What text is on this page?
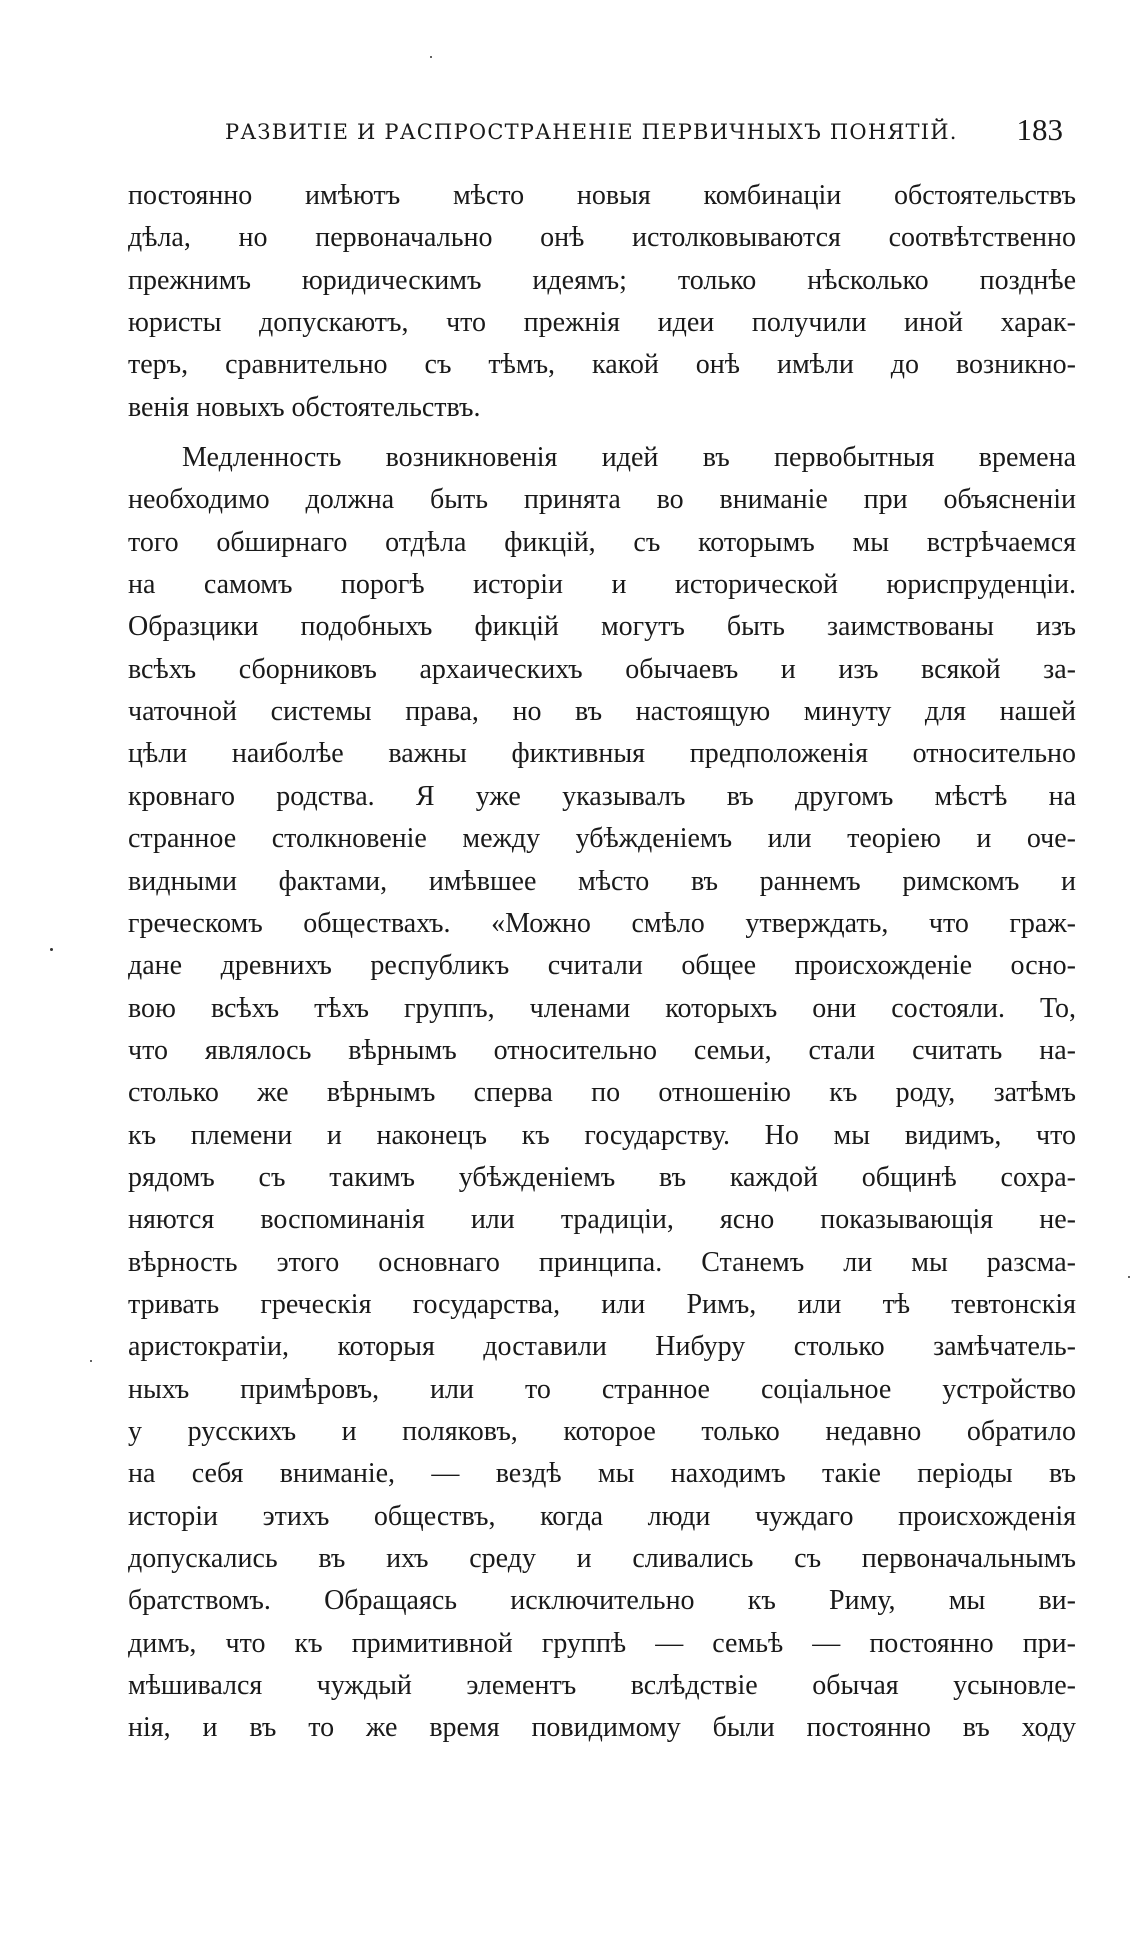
РАЗВИТІЕ И РАСПРОСТРАНЕНІЕ ПЕРВИЧНЫХЪ ПОНЯТІЙ. 183
постоянно имѣютъ мѣсто новыя комбинаціи обстоятельствъ
дѣла, но первоначально онѣ истолковываются соотвѣтственно
прежнимъ юридическимъ идеямъ; только нѣсколько позднѣе
юристы допускаютъ, что прежнія идеи получили иной харак-
теръ, сравнительно съ тѣмъ, какой онѣ имѣли до возникно-
венія новыхъ обстоятельствъ.
Медленность возникновенія идей въ первобытныя времена
необходимо должна быть принята во вниманіе при объясненіи
того обширнаго отдѣла фикцій, съ которымъ мы встрѣчаемся
на самомъ порогѣ исторіи и исторической юриспруденціи.
Образцики подобныхъ фикцій могутъ быть заимствованы изъ
всѣхъ сборниковъ архаическихъ обычаевъ и изъ всякой за-
чаточной системы права, но въ настоящую минуту для нашей
цѣли наиболѣе важны фиктивныя предположенія относительно
кровнаго родства. Я уже указывалъ въ другомъ мѣстѣ на
странное столкновеніе между убѣжденіемъ или теоріею и оче-
видными фактами, имѣвшее мѣсто въ раннемъ римскомъ и
греческомъ обществахъ. «Можно смѣло утверждать, что граж-
дане древнихъ республикъ считали общее происхожденіе осно-
вою всѣхъ тѣхъ группъ, членами которыхъ они состояли. То,
что являлось вѣрнымъ относительно семьи, стали считать на-
столько же вѣрнымъ сперва по отношенію къ роду, затѣмъ
къ племени и наконецъ къ государству. Но мы видимъ, что
рядомъ съ такимъ убѣжденіемъ въ каждой общинѣ сохра-
няются воспоминанія или традиціи, ясно показывающія не-
вѣрность этого основнаго принципа. Станемъ ли мы разсма-
тривать греческія государства, или Римъ, или тѣ тевтонскія
аристократіи, которыя доставили Нибуру столько замѣчатель-
ныхъ примѣровъ, или то странное соціальное устройство
у русскихъ и поляковъ, которое только недавно обратило
на себя вниманіе, — вездѣ мы находимъ такіе періоды въ
исторіи этихъ обществъ, когда люди чуждаго происхожденія
допускались въ ихъ среду и сливались съ первоначальнымъ
братствомъ. Обращаясь исключительно къ Риму, мы ви-
димъ, что къ примитивной группѣ — семьѣ — постоянно при-
мѣшивался чуждый элементъ вслѣдствіе обычая усыновле-
нія, и въ то же время повидимому были постоянно въ ходу
